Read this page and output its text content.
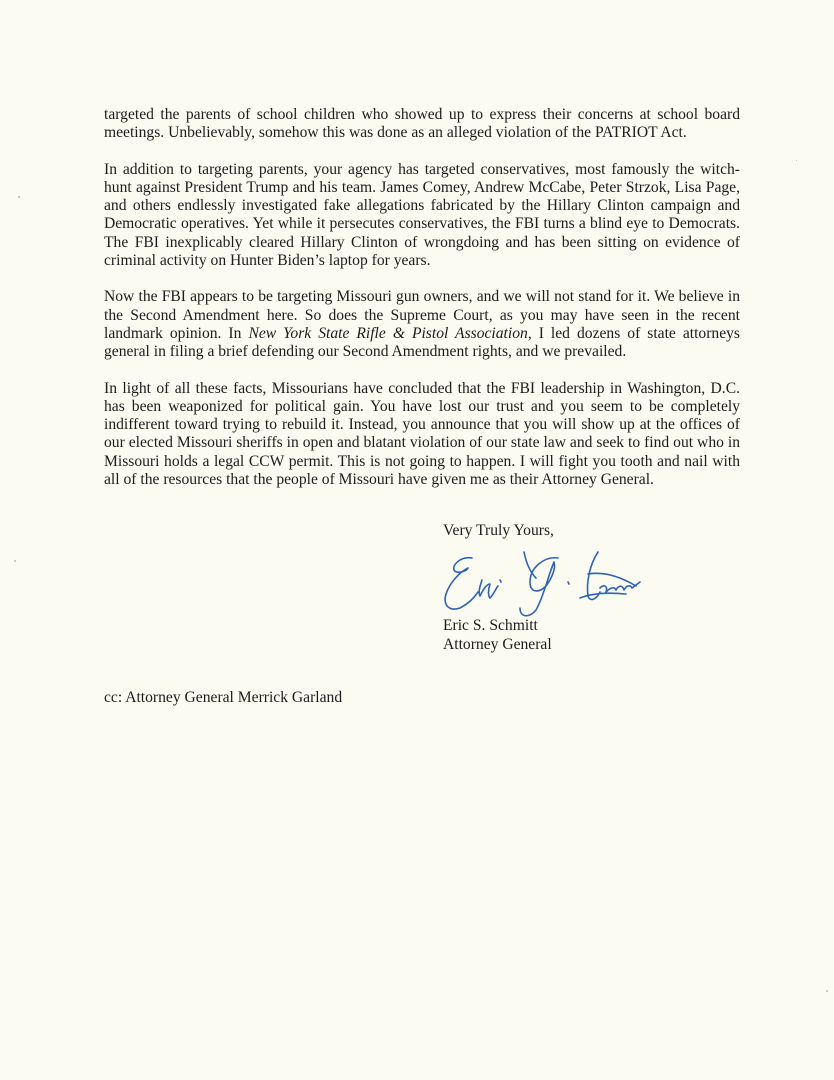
targeted the parents of school children who showed up to express their concerns at school board meetings. Unbelievably, somehow this was done as an alleged violation of the PATRIOT Act.

In addition to targeting parents, your agency has targeted conservatives, most famously the witch-hunt against President Trump and his team. James Comey, Andrew McCabe, Peter Strzok, Lisa Page, and others endlessly investigated fake allegations fabricated by the Hillary Clinton campaign and Democratic operatives. Yet while it persecutes conservatives, the FBI turns a blind eye to Democrats. The FBI inexplicably cleared Hillary Clinton of wrongdoing and has been sitting on evidence of criminal activity on Hunter Biden’s laptop for years.

Now the FBI appears to be targeting Missouri gun owners, and we will not stand for it. We believe in the Second Amendment here. So does the Supreme Court, as you may have seen in the recent landmark opinion. In New York State Rifle & Pistol Association, I led dozens of state attorneys general in filing a brief defending our Second Amendment rights, and we prevailed.

In light of all these facts, Missourians have concluded that the FBI leadership in Washington, D.C. has been weaponized for political gain. You have lost our trust and you seem to be completely indifferent toward trying to rebuild it. Instead, you announce that you will show up at the offices of our elected Missouri sheriffs in open and blatant violation of our state law and seek to find out who in Missouri holds a legal CCW permit. This is not going to happen. I will fight you tooth and nail with all of the resources that the people of Missouri have given me as their Attorney General.

Very Truly Yours,
Eric S. Schmitt
Attorney General
cc: Attorney General Merrick Garland
